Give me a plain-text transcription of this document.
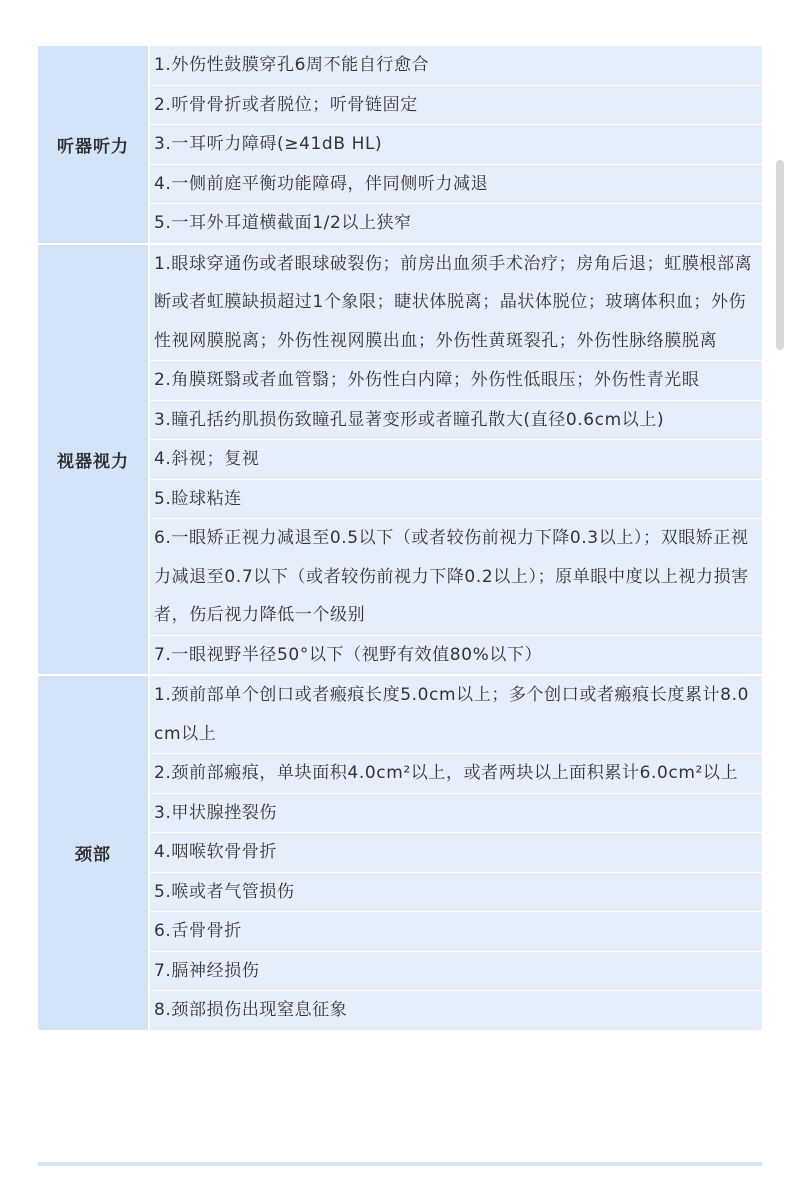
听器听力
1.外伤性鼓膜穿孔6周不能自行愈合
2.听骨骨折或者脱位；听骨链固定
3.一耳听力障碍(≥41dB HL)
4.一侧前庭平衡功能障碍，伴同侧听力减退
5.一耳外耳道横截面1/2以上狭窄
视器视力
1.眼球穿通伤或者眼球破裂伤；前房出血须手术治疗；房角后退；虹膜根部离断或者虹膜缺损超过1个象限；睫状体脱离；晶状体脱位；玻璃体积血；外伤性视网膜脱离；外伤性视网膜出血；外伤性黄斑裂孔；外伤性脉络膜脱离
2.角膜斑翳或者血管翳；外伤性白内障；外伤性低眼压；外伤性青光眼
3.瞳孔括约肌损伤致瞳孔显著变形或者瞳孔散大(直径0.6cm以上)
4.斜视；复视
5.睑球粘连
6.一眼矫正视力减退至0.5以下（或者较伤前视力下降0.3以上）；双眼矫正视力减退至0.7以下（或者较伤前视力下降0.2以上）；原单眼中度以上视力损害者，伤后视力降低一个级别
7.一眼视野半径50°以下（视野有效值80%以下）
颈部
1.颈前部单个创口或者瘢痕长度5.0cm以上；多个创口或者瘢痕长度累计8.0cm以上
2.颈前部瘢痕，单块面积4.0cm²以上，或者两块以上面积累计6.0cm²以上
3.甲状腺挫裂伤
4.咽喉软骨骨折
5.喉或者气管损伤
6.舌骨骨折
7.膈神经损伤
8.颈部损伤出现窒息征象
